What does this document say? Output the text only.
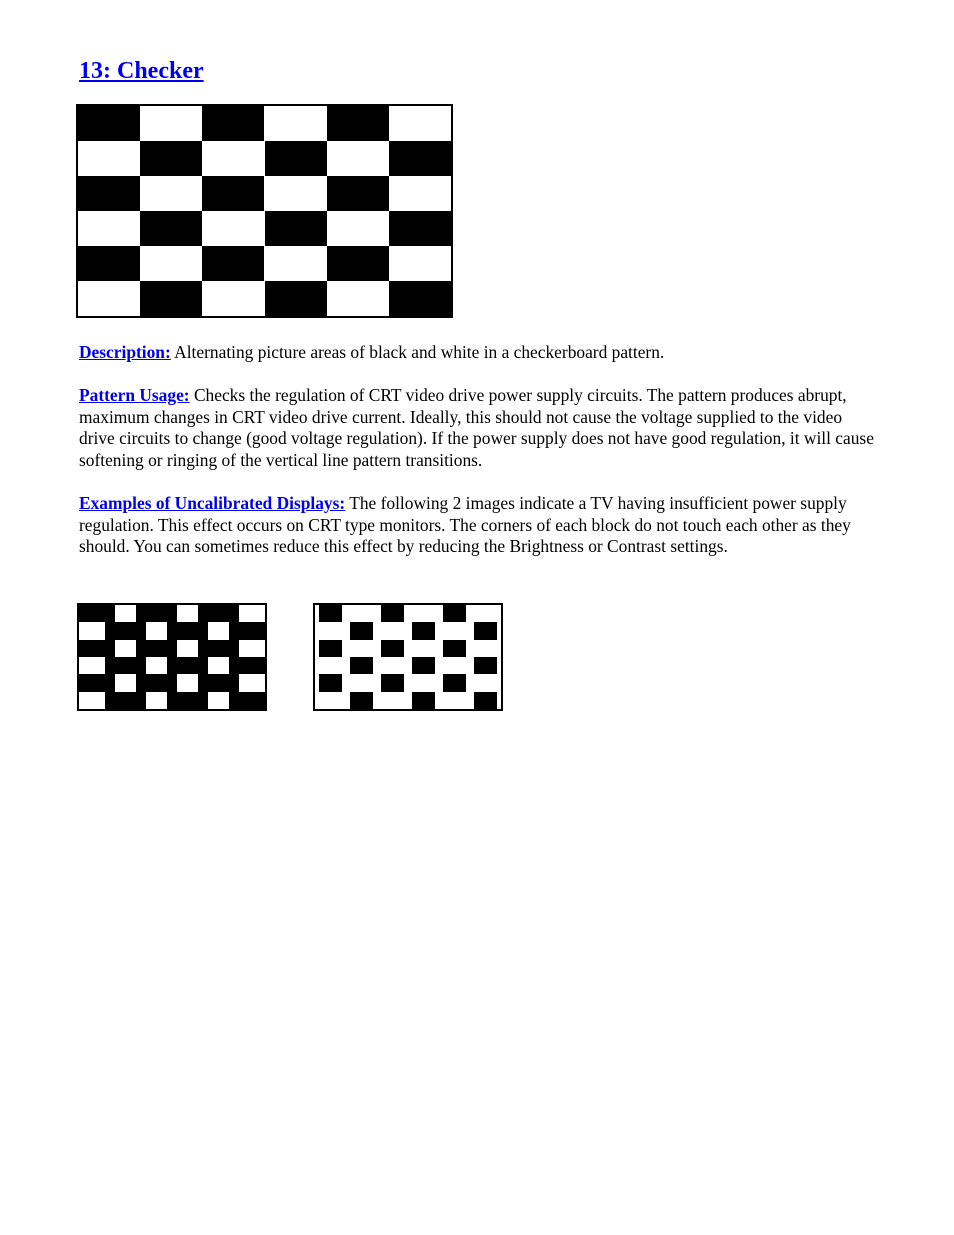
13: Checker

Description: Alternating picture areas of black and white in a checkerboard pattern.

Pattern Usage: Checks the regulation of CRT video drive power supply circuits. The pattern produces abrupt, maximum changes in CRT video drive current. Ideally, this should not cause the voltage supplied to the video drive circuits to change (good voltage regulation). If the power supply does not have good regulation, it will cause softening or ringing of the vertical line pattern transitions.

Examples of Uncalibrated Displays: The following 2 images indicate a TV having insufficient power supply regulation. This effect occurs on CRT type monitors. The corners of each block do not touch each other as they should. You can sometimes reduce this effect by reducing the Brightness or Contrast settings.
